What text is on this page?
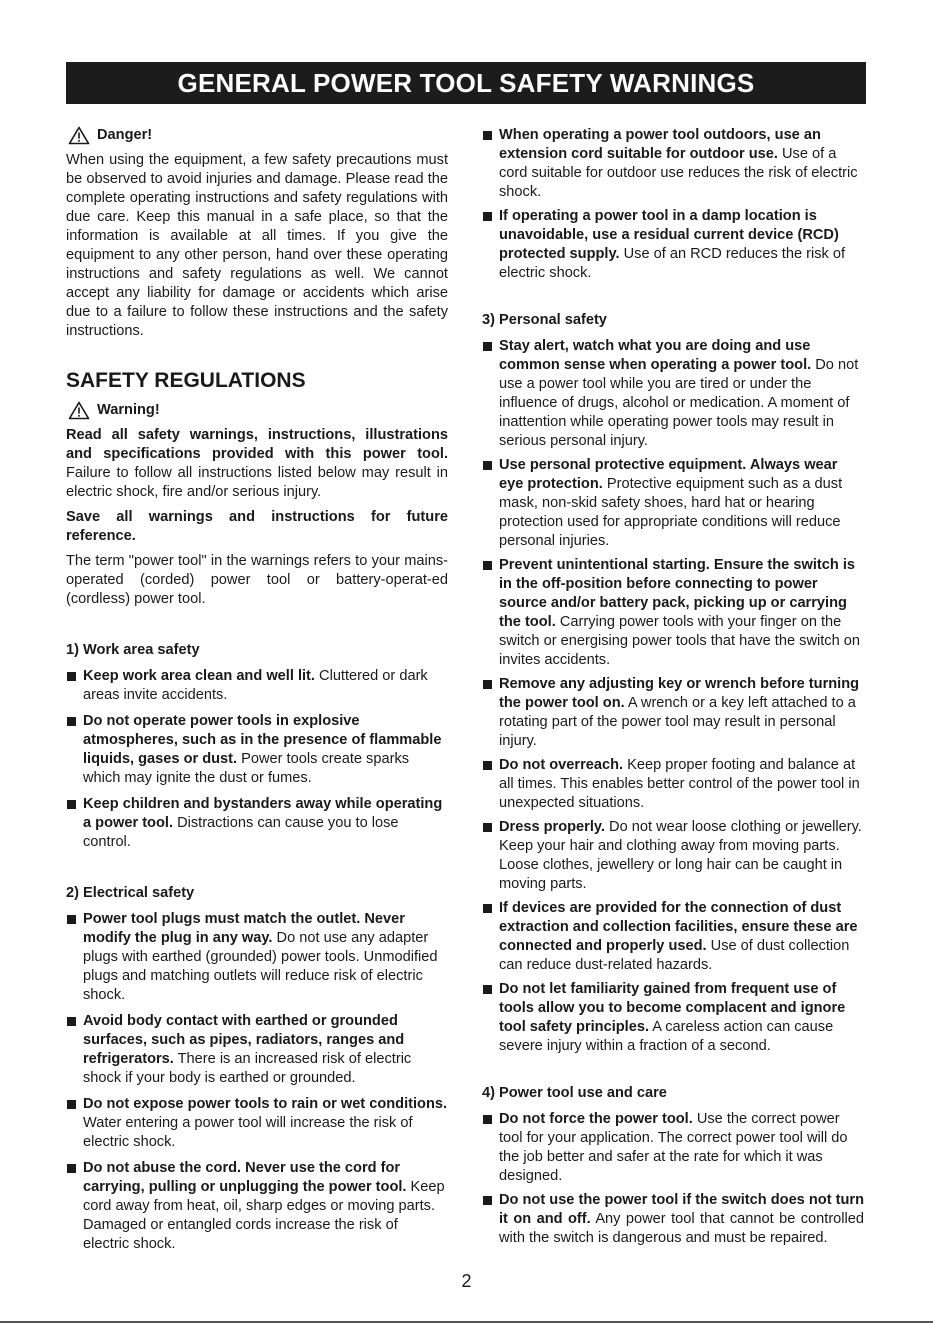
GENERAL POWER TOOL SAFETY WARNINGS
Danger!

When using the equipment, a few safety precautions must be observed to avoid injuries and damage. Please read the complete operating instructions and safety regulations with due care. Keep this manual in a safe place, so that the information is available at all times. If you give the equipment to any other person, hand over these operating instructions and safety regulations as well. We cannot accept any liability for damage or accidents which arise due to a failure to follow these instructions and the safety instructions.

SAFETY REGULATIONS
Warning!

Read all safety warnings, instructions, illustrations and specifications provided with this power tool. Failure to follow all instructions listed below may result in electric shock, fire and/or serious injury.

Save all warnings and instructions for future reference.

The term "power tool" in the warnings refers to your mains-operated (corded) power tool or battery-operat-ed (cordless) power tool.

1) Work area safety
Keep work area clean and well lit. Cluttered or dark areas invite accidents.
Do not operate power tools in explosive atmospheres, such as in the presence of flammable liquids, gases or dust. Power tools create sparks which may ignite the dust or fumes.
Keep children and bystanders away while operating a power tool. Distractions can cause you to lose control.
2) Electrical safety
Power tool plugs must match the outlet. Never modify the plug in any way. Do not use any adapter plugs with earthed (grounded) power tools. Unmodified plugs and matching outlets will reduce risk of electric shock.
Avoid body contact with earthed or grounded surfaces, such as pipes, radiators, ranges and refrigerators. There is an increased risk of electric shock if your body is earthed or grounded.
Do not expose power tools to rain or wet conditions. Water entering a power tool will increase the risk of electric shock.
Do not abuse the cord. Never use the cord for carrying, pulling or unplugging the power tool. Keep cord away from heat, oil, sharp edges or moving parts. Damaged or entangled cords increase the risk of electric shock.
When operating a power tool outdoors, use an extension cord suitable for outdoor use. Use of a cord suitable for outdoor use reduces the risk of electric shock.
If operating a power tool in a damp location is unavoidable, use a residual current device (RCD) protected supply. Use of an RCD reduces the risk of electric shock.
3) Personal safety
Stay alert, watch what you are doing and use common sense when operating a power tool. Do not use a power tool while you are tired or under the influence of drugs, alcohol or medication. A moment of inattention while operating power tools may result in serious personal injury.
Use personal protective equipment. Always wear eye protection. Protective equipment such as a dust mask, non-skid safety shoes, hard hat or hearing protection used for appropriate conditions will reduce personal injuries.
Prevent unintentional starting. Ensure the switch is in the off-position before connecting to power source and/or battery pack, picking up or carrying the tool. Carrying power tools with your finger on the switch or energising power tools that have the switch on invites accidents.
Remove any adjusting key or wrench before turning the power tool on. A wrench or a key left attached to a rotating part of the power tool may result in personal injury.
Do not overreach. Keep proper footing and balance at all times. This enables better control of the power tool in unexpected situations.
Dress properly. Do not wear loose clothing or jewellery. Keep your hair and clothing away from moving parts. Loose clothes, jewellery or long hair can be caught in moving parts.
If devices are provided for the connection of dust extraction and collection facilities, ensure these are connected and properly used. Use of dust collection can reduce dust-related hazards.
Do not let familiarity gained from frequent use of tools allow you to become complacent and ignore tool safety principles. A careless action can cause severe injury within a fraction of a second.
4) Power tool use and care
Do not force the power tool. Use the correct power tool for your application. The correct power tool will do the job better and safer at the rate for which it was designed.
Do not use the power tool if the switch does not turn it on and off. Any power tool that cannot be controlled with the switch is dangerous and must be repaired.
2
